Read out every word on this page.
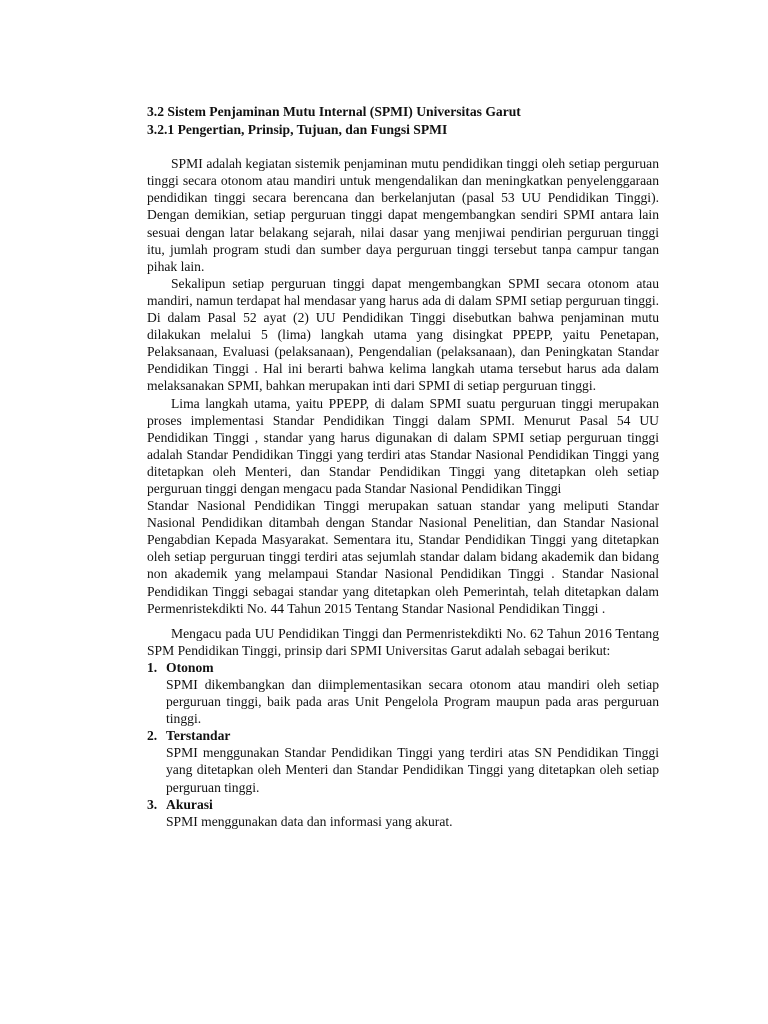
3.2 Sistem Penjaminan Mutu Internal (SPMI) Universitas Garut
3.2.1 Pengertian, Prinsip, Tujuan, dan Fungsi SPMI

SPMI adalah kegiatan sistemik penjaminan mutu pendidikan tinggi oleh setiap perguruan tinggi secara otonom atau mandiri untuk mengendalikan dan meningkatkan penyelenggaraan pendidikan tinggi secara berencana dan berkelanjutan (pasal 53 UU Pendidikan Tinggi). Dengan demikian, setiap perguruan tinggi dapat mengembangkan sendiri SPMI antara lain sesuai dengan latar belakang sejarah, nilai dasar yang menjiwai pendirian perguruan tinggi itu, jumlah program studi dan sumber daya perguruan tinggi tersebut tanpa campur tangan pihak lain.

Sekalipun setiap perguruan tinggi dapat mengembangkan SPMI secara otonom atau mandiri, namun terdapat hal mendasar yang harus ada di dalam SPMI setiap perguruan tinggi. Di dalam Pasal 52 ayat (2) UU Pendidikan Tinggi disebutkan bahwa penjaminan mutu dilakukan melalui 5 (lima) langkah utama yang disingkat PPEPP, yaitu Penetapan, Pelaksanaan, Evaluasi (pelaksanaan), Pengendalian (pelaksanaan), dan Peningkatan Standar Pendidikan Tinggi . Hal ini berarti bahwa kelima langkah utama tersebut harus ada dalam melaksanakan SPMI, bahkan merupakan inti dari SPMI di setiap perguruan tinggi.

Lima langkah utama, yaitu PPEPP, di dalam SPMI suatu perguruan tinggi merupakan proses implementasi Standar Pendidikan Tinggi dalam SPMI. Menurut Pasal 54 UU Pendidikan Tinggi , standar yang harus digunakan di dalam SPMI setiap perguruan tinggi adalah Standar Pendidikan Tinggi yang terdiri atas Standar Nasional Pendidikan Tinggi yang ditetapkan oleh Menteri, dan Standar Pendidikan Tinggi yang ditetapkan oleh setiap perguruan tinggi dengan mengacu pada Standar Nasional Pendidikan Tinggi

Standar Nasional Pendidikan Tinggi merupakan satuan standar yang meliputi Standar Nasional Pendidikan ditambah dengan Standar Nasional Penelitian, dan Standar Nasional Pengabdian Kepada Masyarakat. Sementara itu, Standar Pendidikan Tinggi yang ditetapkan oleh setiap perguruan tinggi terdiri atas sejumlah standar dalam bidang akademik dan bidang non akademik yang melampaui Standar Nasional Pendidikan Tinggi . Standar Nasional Pendidikan Tinggi sebagai standar yang ditetapkan oleh Pemerintah, telah ditetapkan dalam Permenristekdikti No. 44 Tahun 2015 Tentang Standar Nasional Pendidikan Tinggi .

Mengacu pada UU Pendidikan Tinggi dan Permenristekdikti No. 62 Tahun 2016 Tentang SPM Pendidikan Tinggi, prinsip dari SPMI Universitas Garut adalah sebagai berikut:

1. Otonom

SPMI dikembangkan dan diimplementasikan secara otonom atau mandiri oleh setiap perguruan tinggi, baik pada aras Unit Pengelola Program maupun pada aras perguruan tinggi.

2. Terstandar

SPMI menggunakan Standar Pendidikan Tinggi yang terdiri atas SN Pendidikan Tinggi yang ditetapkan oleh Menteri dan Standar Pendidikan Tinggi yang ditetapkan oleh setiap perguruan tinggi.

3. Akurasi

SPMI menggunakan data dan informasi yang akurat.
